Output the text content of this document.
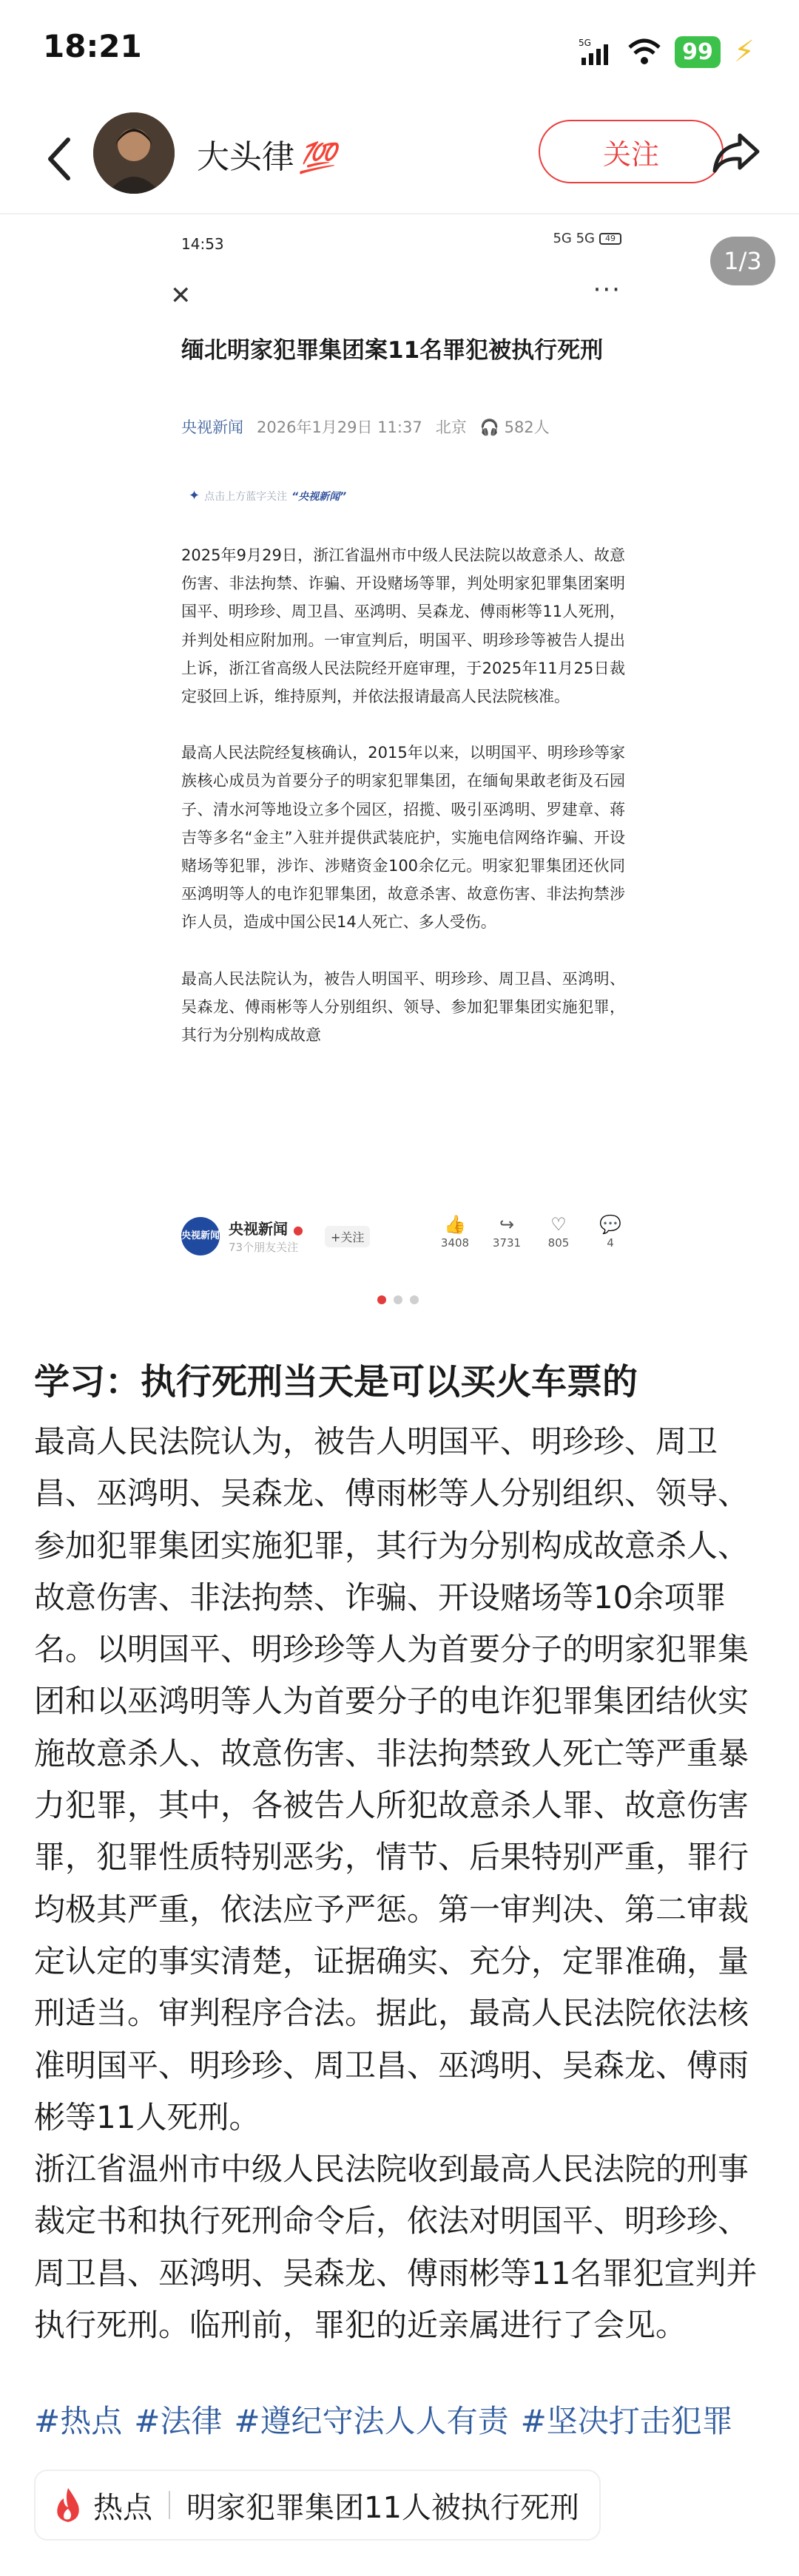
18:21	5G	99 ⚡
大头律 💯	关注
14:53	5G 5G	49
✕	···
缅北明家犯罪集团案11名罪犯被执行死刑
央视新闻 2026年1月29日 11:37 北京 🎧 582人
✦ 点击上方蓝字关注 “央视新闻”

2025年9月29日，浙江省温州市中级人民法院以故意杀人、故意伤害、非法拘禁、诈骗、开设赌场等罪，判处明家犯罪集团案明国平、明珍珍、周卫昌、巫鸿明、吴森龙、傅雨彬等11人死刑，并判处相应附加刑。一审宣判后，明国平、明珍珍等被告人提出上诉，浙江省高级人民法院经开庭审理，于2025年11月25日裁定驳回上诉，维持原判，并依法报请最高人民法院核准。

最高人民法院经复核确认，2015年以来，以明国平、明珍珍等家族核心成员为首要分子的明家犯罪集团，在缅甸果敢老街及石园子、清水河等地设立多个园区，招揽、吸引巫鸿明、罗建章、蒋吉等多名“金主”入驻并提供武装庇护，实施电信网络诈骗、开设赌场等犯罪，涉诈、涉赌资金100余亿元。明家犯罪集团还伙同巫鸿明等人的电诈犯罪集团，故意杀害、故意伤害、非法拘禁涉诈人员，造成中国公民14人死亡、多人受伤。

最高人民法院认为，被告人明国平、明珍珍、周卫昌、巫鸿明、吴森龙、傅雨彬等人分别组织、领导、参加犯罪集团实施犯罪，其行为分别构成故意

央视新闻 央视新闻 ●
73个朋友关注
+关注
👍
3408
↪
3731
♡
805
💬
4
1/3
学习：执行死刑当天是可以买火车票的

最高人民法院认为，被告人明国平、明珍珍、周卫昌、巫鸿明、吴森龙、傅雨彬等人分别组织、领导、参加犯罪集团实施犯罪，其行为分别构成故意杀人、故意伤害、非法拘禁、诈骗、开设赌场等10余项罪名。以明国平、明珍珍等人为首要分子的明家犯罪集团和以巫鸿明等人为首要分子的电诈犯罪集团结伙实施故意杀人、故意伤害、非法拘禁致人死亡等严重暴力犯罪，其中，各被告人所犯故意杀人罪、故意伤害罪，犯罪性质特别恶劣，情节、后果特别严重，罪行均极其严重，依法应予严惩。第一审判决、第二审裁定认定的事实清楚，证据确实、充分，定罪准确，量刑适当。审判程序合法。据此，最高人民法院依法核准明国平、明珍珍、周卫昌、巫鸿明、吴森龙、傅雨彬等11人死刑。

浙江省温州市中级人民法院收到最高人民法院的刑事裁定书和执行死刑命令后，依法对明国平、明珍珍、周卫昌、巫鸿明、吴森龙、傅雨彬等11名罪犯宣判并执行死刑。临刑前，罪犯的近亲属进行了会见。

#热点 #法律 #遵纪守法人人有责 #坚决打击犯罪
热点 明家犯罪集团11人被执行死刑
